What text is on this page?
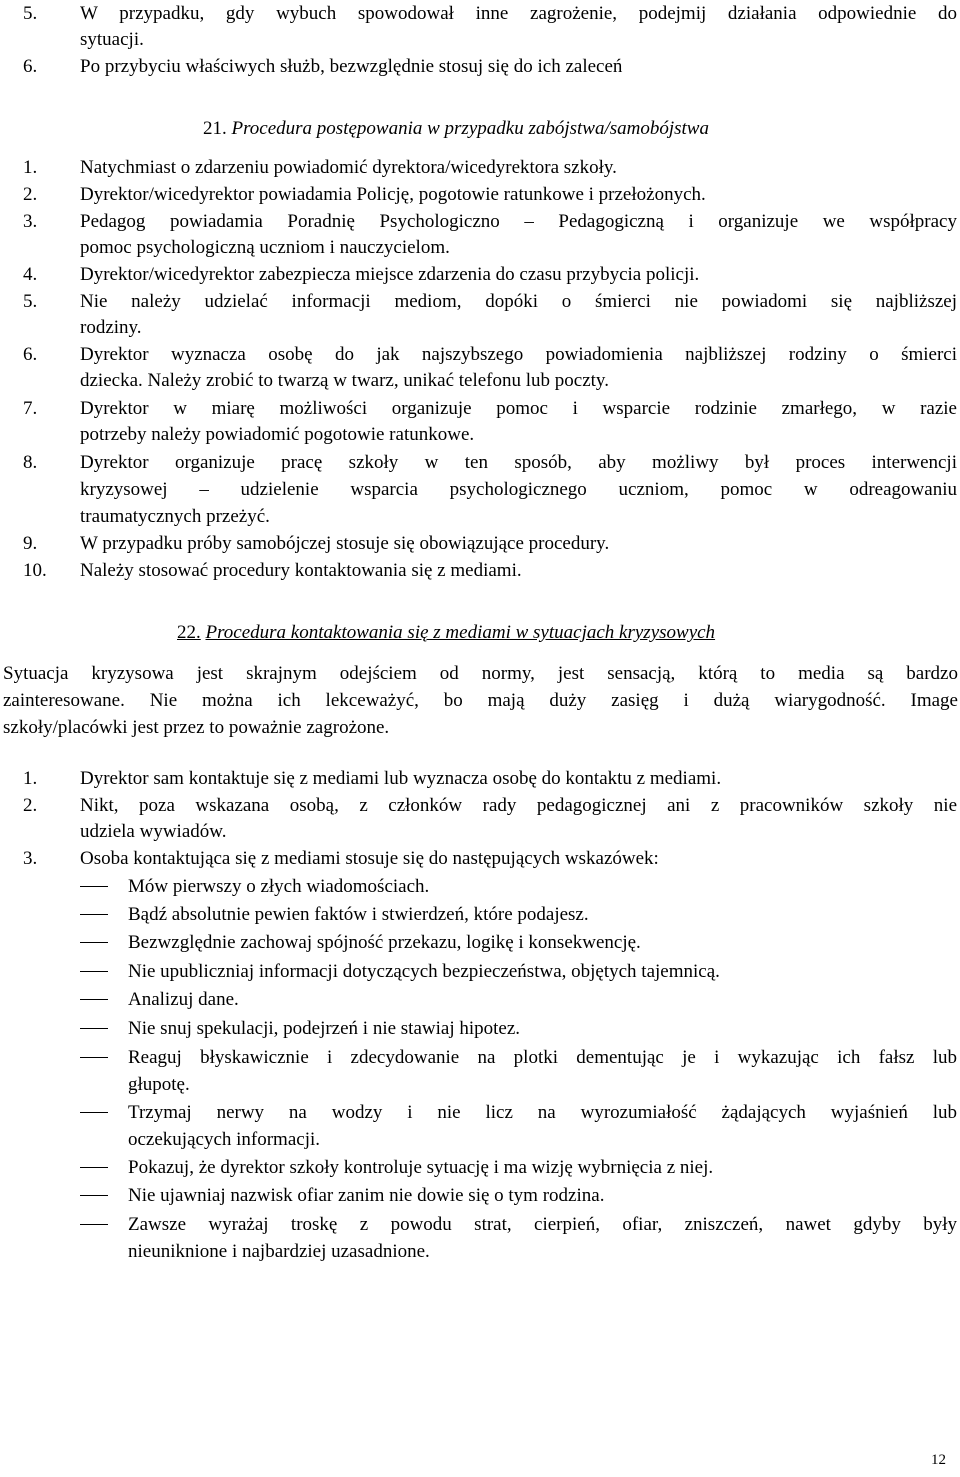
5.	W przypadku, gdy wybuch spowodował inne zagrożenie, podejmij działania odpowiednie do
sytuacji.
6.	Po przybyciu właściwych służb, bezwzględnie stosuj się do ich zaleceń
21. Procedura postępowania w przypadku zabójstwa/samobójstwa
1.	Natychmiast o zdarzeniu powiadomić dyrektora/wicedyrektora szkoły.
2.	Dyrektor/wicedyrektor powiadamia Policję, pogotowie ratunkowe i przełożonych.
3.	Pedagog powiadamia Poradnię Psychologiczno – Pedagogiczną i organizuje we współpracy
pomoc psychologiczną uczniom i nauczycielom.
4.	Dyrektor/wicedyrektor zabezpiecza miejsce zdarzenia do czasu przybycia policji.
5.	Nie należy udzielać informacji mediom, dopóki o śmierci nie powiadomi się najbliższej
rodziny.
6.	Dyrektor wyznacza osobę do jak najszybszego powiadomienia najbliższej rodziny o śmierci
dziecka. Należy zrobić to twarzą w twarz, unikać telefonu lub poczty.
7.	Dyrektor w miarę możliwości organizuje pomoc i wsparcie rodzinie zmarłego, w razie
potrzeby należy powiadomić pogotowie ratunkowe.
8.	Dyrektor organizuje pracę szkoły w ten sposób, aby możliwy był proces interwencji
kryzysowej – udzielenie wsparcia psychologicznego uczniom, pomoc w odreagowaniu
traumatycznych przeżyć.
9.	W przypadku próby samobójczej stosuje się obowiązujące procedury.
10.	Należy stosować procedury kontaktowania się z mediami.
22. Procedura kontaktowania się z mediami w sytuacjach kryzysowych
Sytuacja kryzysowa jest skrajnym odejściem od normy, jest sensacją, którą to media są bardzo
zainteresowane. Nie można ich lekceważyć, bo mają duży zasięg i dużą wiarygodność. Image
szkoły/placówki jest przez to poważnie zagrożone.
1.	Dyrektor sam kontaktuje się z mediami lub wyznacza osobę do kontaktu z mediami.
2.	Nikt, poza wskazana osobą, z członków rady pedagogicznej ani z pracowników szkoły nie
udziela wywiadów.
3.	Osoba kontaktująca się z mediami stosuje się do następujących wskazówek:
Mów pierwszy o złych wiadomościach.
Bądź absolutnie pewien faktów i stwierdzeń, które podajesz.
Bezwzględnie zachowaj spójność przekazu, logikę i konsekwencję.
Nie upubliczniaj informacji dotyczących bezpieczeństwa, objętych tajemnicą.
Analizuj dane.
Nie snuj spekulacji, podejrzeń i nie stawiaj hipotez.
Reaguj błyskawicznie i zdecydowanie na plotki dementując je i wykazując ich fałsz lub
głupotę.
Trzymaj nerwy na wodzy i nie licz na wyrozumiałość żądających wyjaśnień lub
oczekujących informacji.
Pokazuj, że dyrektor szkoły kontroluje sytuację i ma wizję wybrnięcia z niej.
Nie ujawniaj nazwisk ofiar zanim nie dowie się o tym rodzina.
Zawsze wyrażaj troskę z powodu strat, cierpień, ofiar, zniszczeń, nawet gdyby były
nieuniknione i najbardziej uzasadnione.
12
